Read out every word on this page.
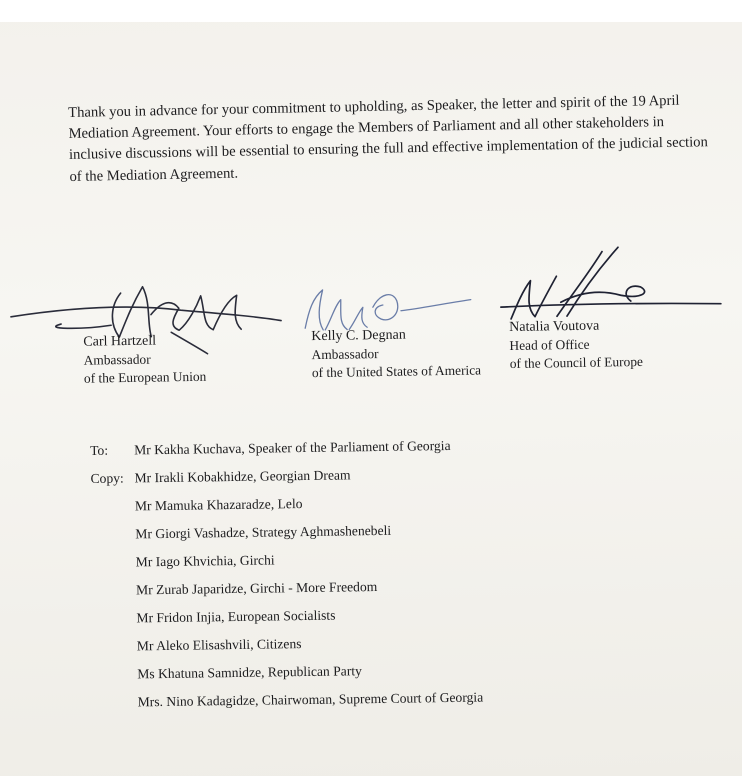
Thank you in advance for your commitment to upholding, as Speaker, the letter and spirit of the 19 April Mediation Agreement. Your efforts to engage the Members of Parliament and all other stakeholders in inclusive discussions will be essential to ensuring the full and effective implementation of the judicial section of the Mediation Agreement.

Carl Hartzell
Ambassador
of the European Union
Kelly C. Degnan
Ambassador
of the United States of America
Natalia Voutova
Head of Office
of the Council of Europe
To: Mr Kakha Kuchava, Speaker of the Parliament of Georgia
Copy: Mr Irakli Kobakhidze, Georgian Dream
Mr Mamuka Khazaradze, Lelo
Mr Giorgi Vashadze, Strategy Aghmashenebeli
Mr Iago Khvichia, Girchi
Mr Zurab Japaridze, Girchi - More Freedom
Mr Fridon Injia, European Socialists
Mr Aleko Elisashvili, Citizens
Ms Khatuna Samnidze, Republican Party
Mrs. Nino Kadagidze, Chairwoman, Supreme Court of Georgia
